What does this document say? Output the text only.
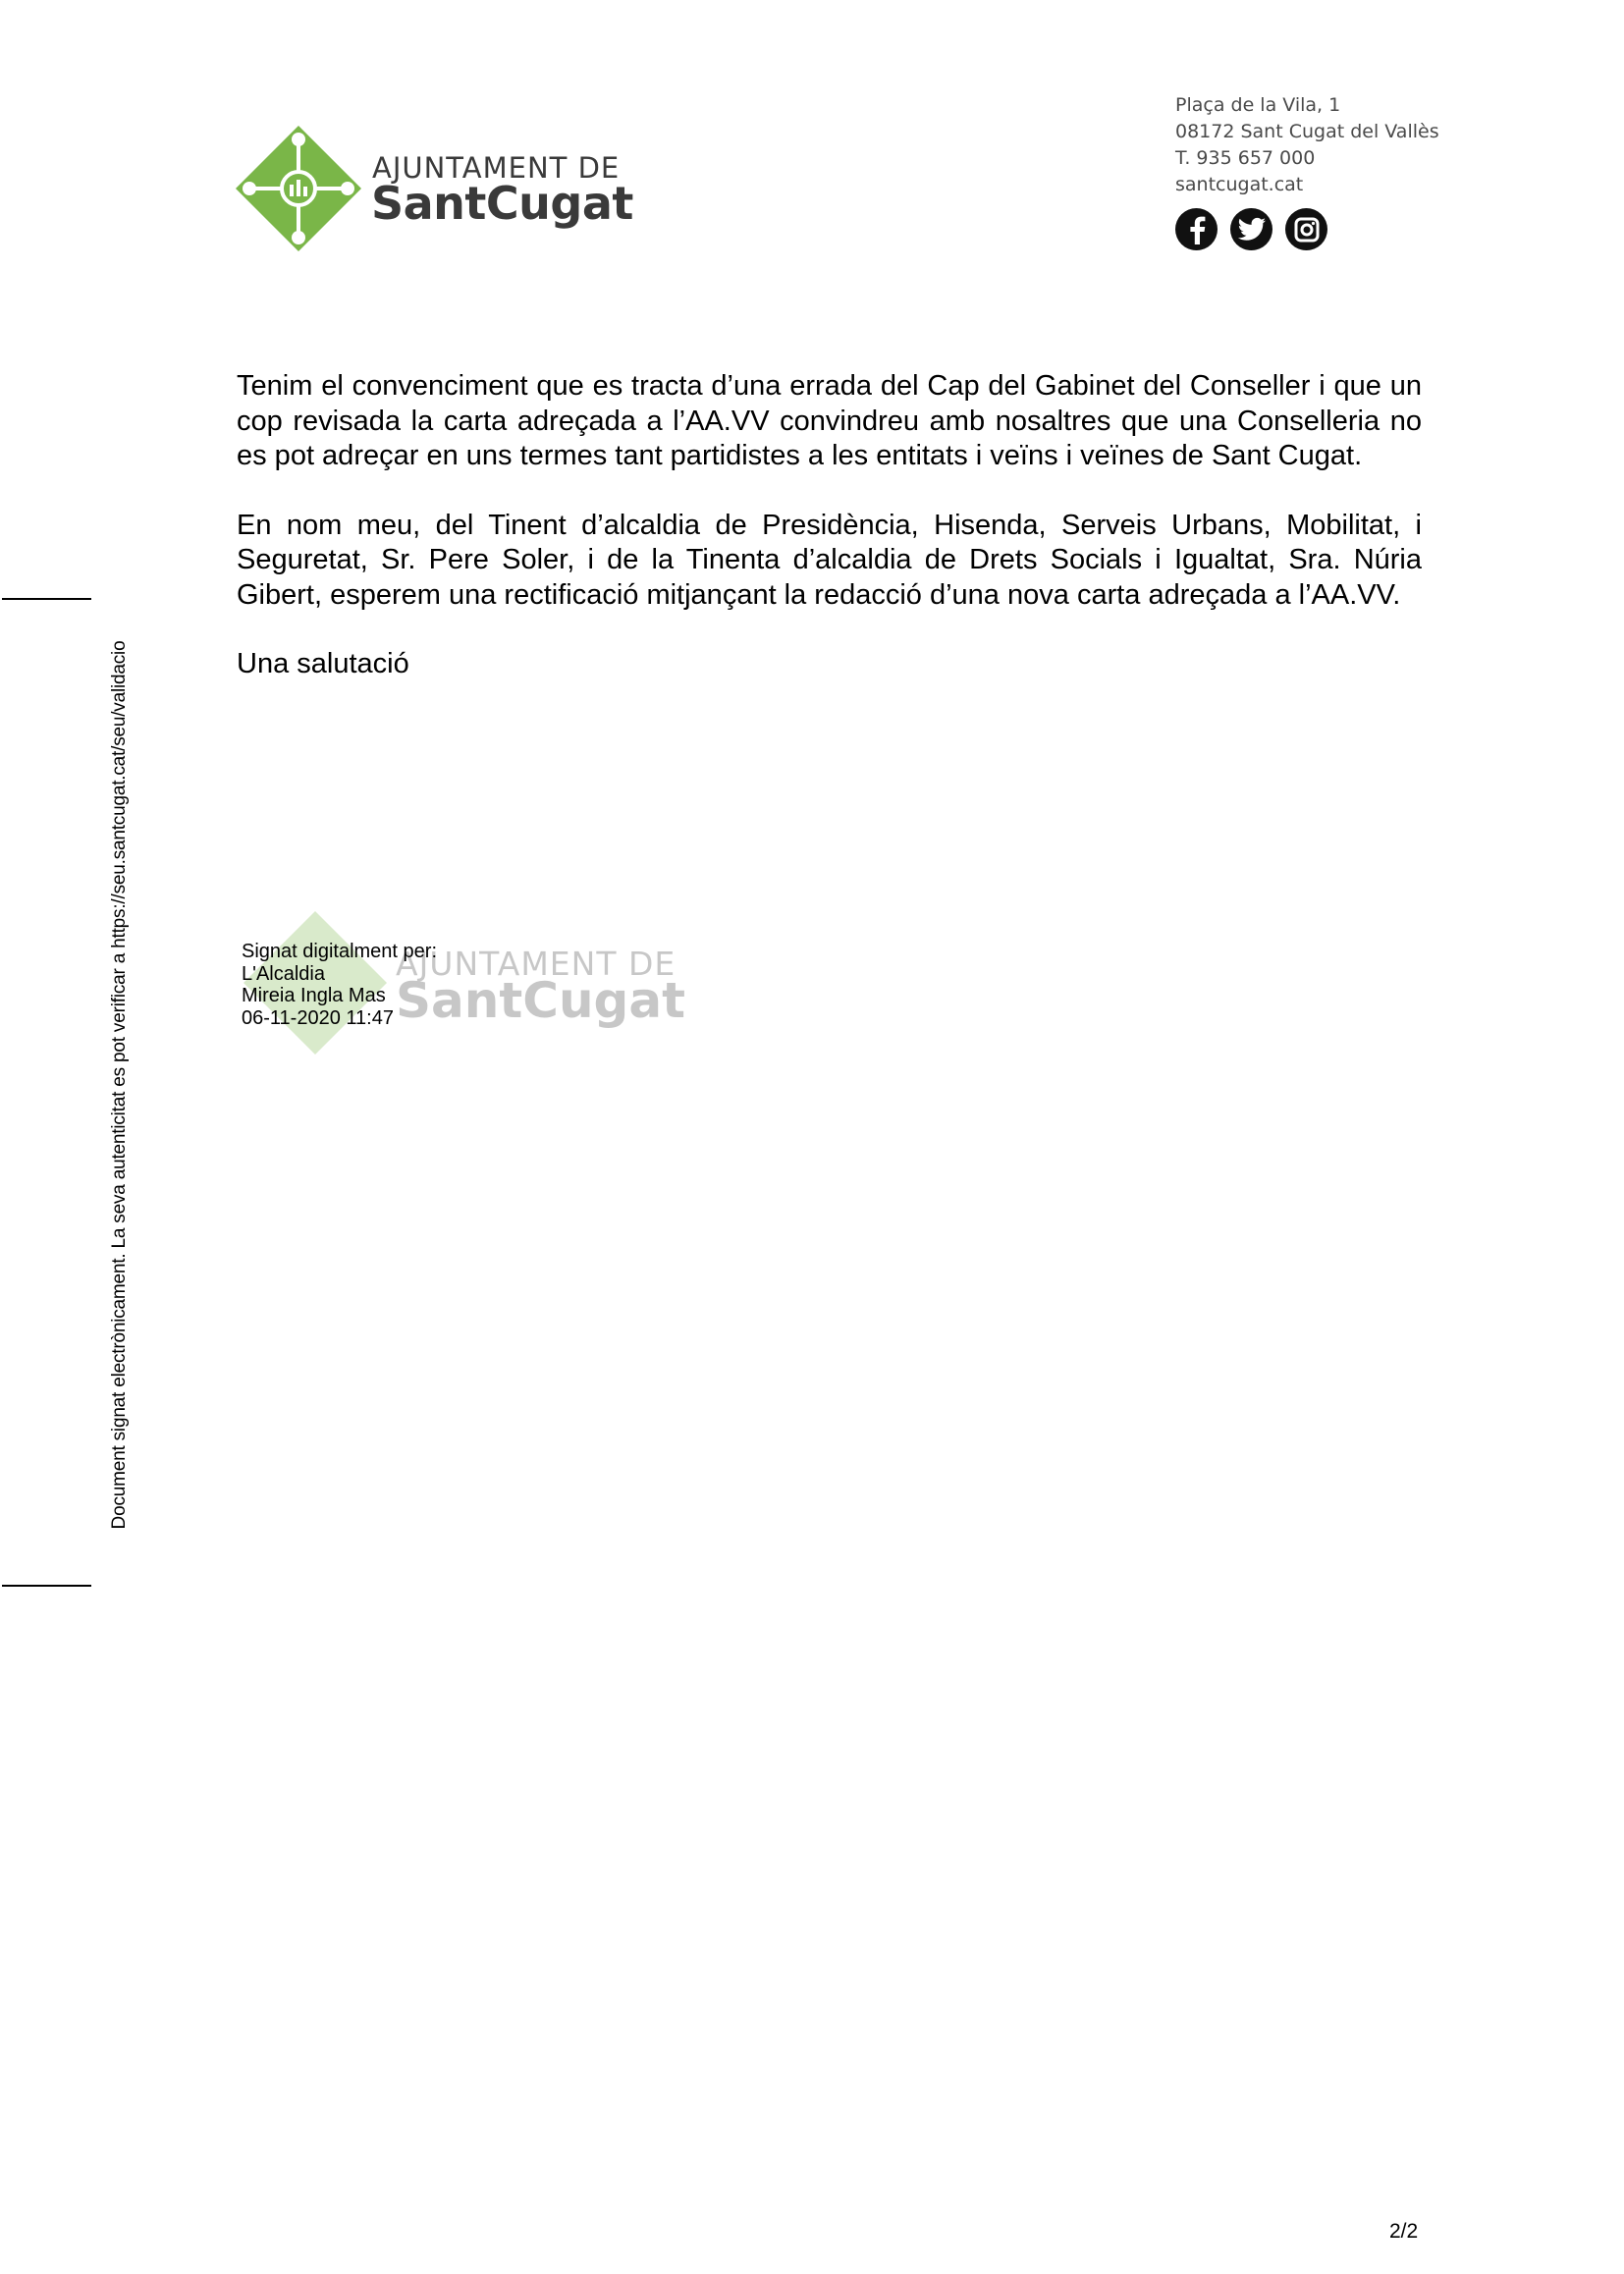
AJUNTAMENT DE
SantCugat
Plaça de la Vila, 1
08172 Sant Cugat del Vallès
T. 935 657 000
santcugat.cat

Tenim el convenciment que es tracta d’una errada del Cap del Gabinet del Conseller i que un cop revisada la carta adreçada a l’AA.VV convindreu amb nosaltres que una Conselleria no es pot adreçar en uns termes tant partidistes a les entitats i veïns i veïnes de Sant Cugat.

En nom meu, del Tinent d’alcaldia de Presidència, Hisenda, Serveis Urbans, Mobilitat, i Seguretat, Sr. Pere Soler, i de la Tinenta d’alcaldia de Drets Socials i Igualtat, Sra. Núria Gibert, esperem una rectificació mitjançant la redacció d’una nova carta adreçada a l’AA.VV.

Una salutació

AJUNTAMENT DE
SantCugat
Signat digitalment per:
L'Alcaldia
Mireia Ingla Mas
06-11-2020 11:47
Document signat electrònicament. La seva autenticitat es pot verificar a https://seu.santcugat.cat/seu/validacio
2/2
